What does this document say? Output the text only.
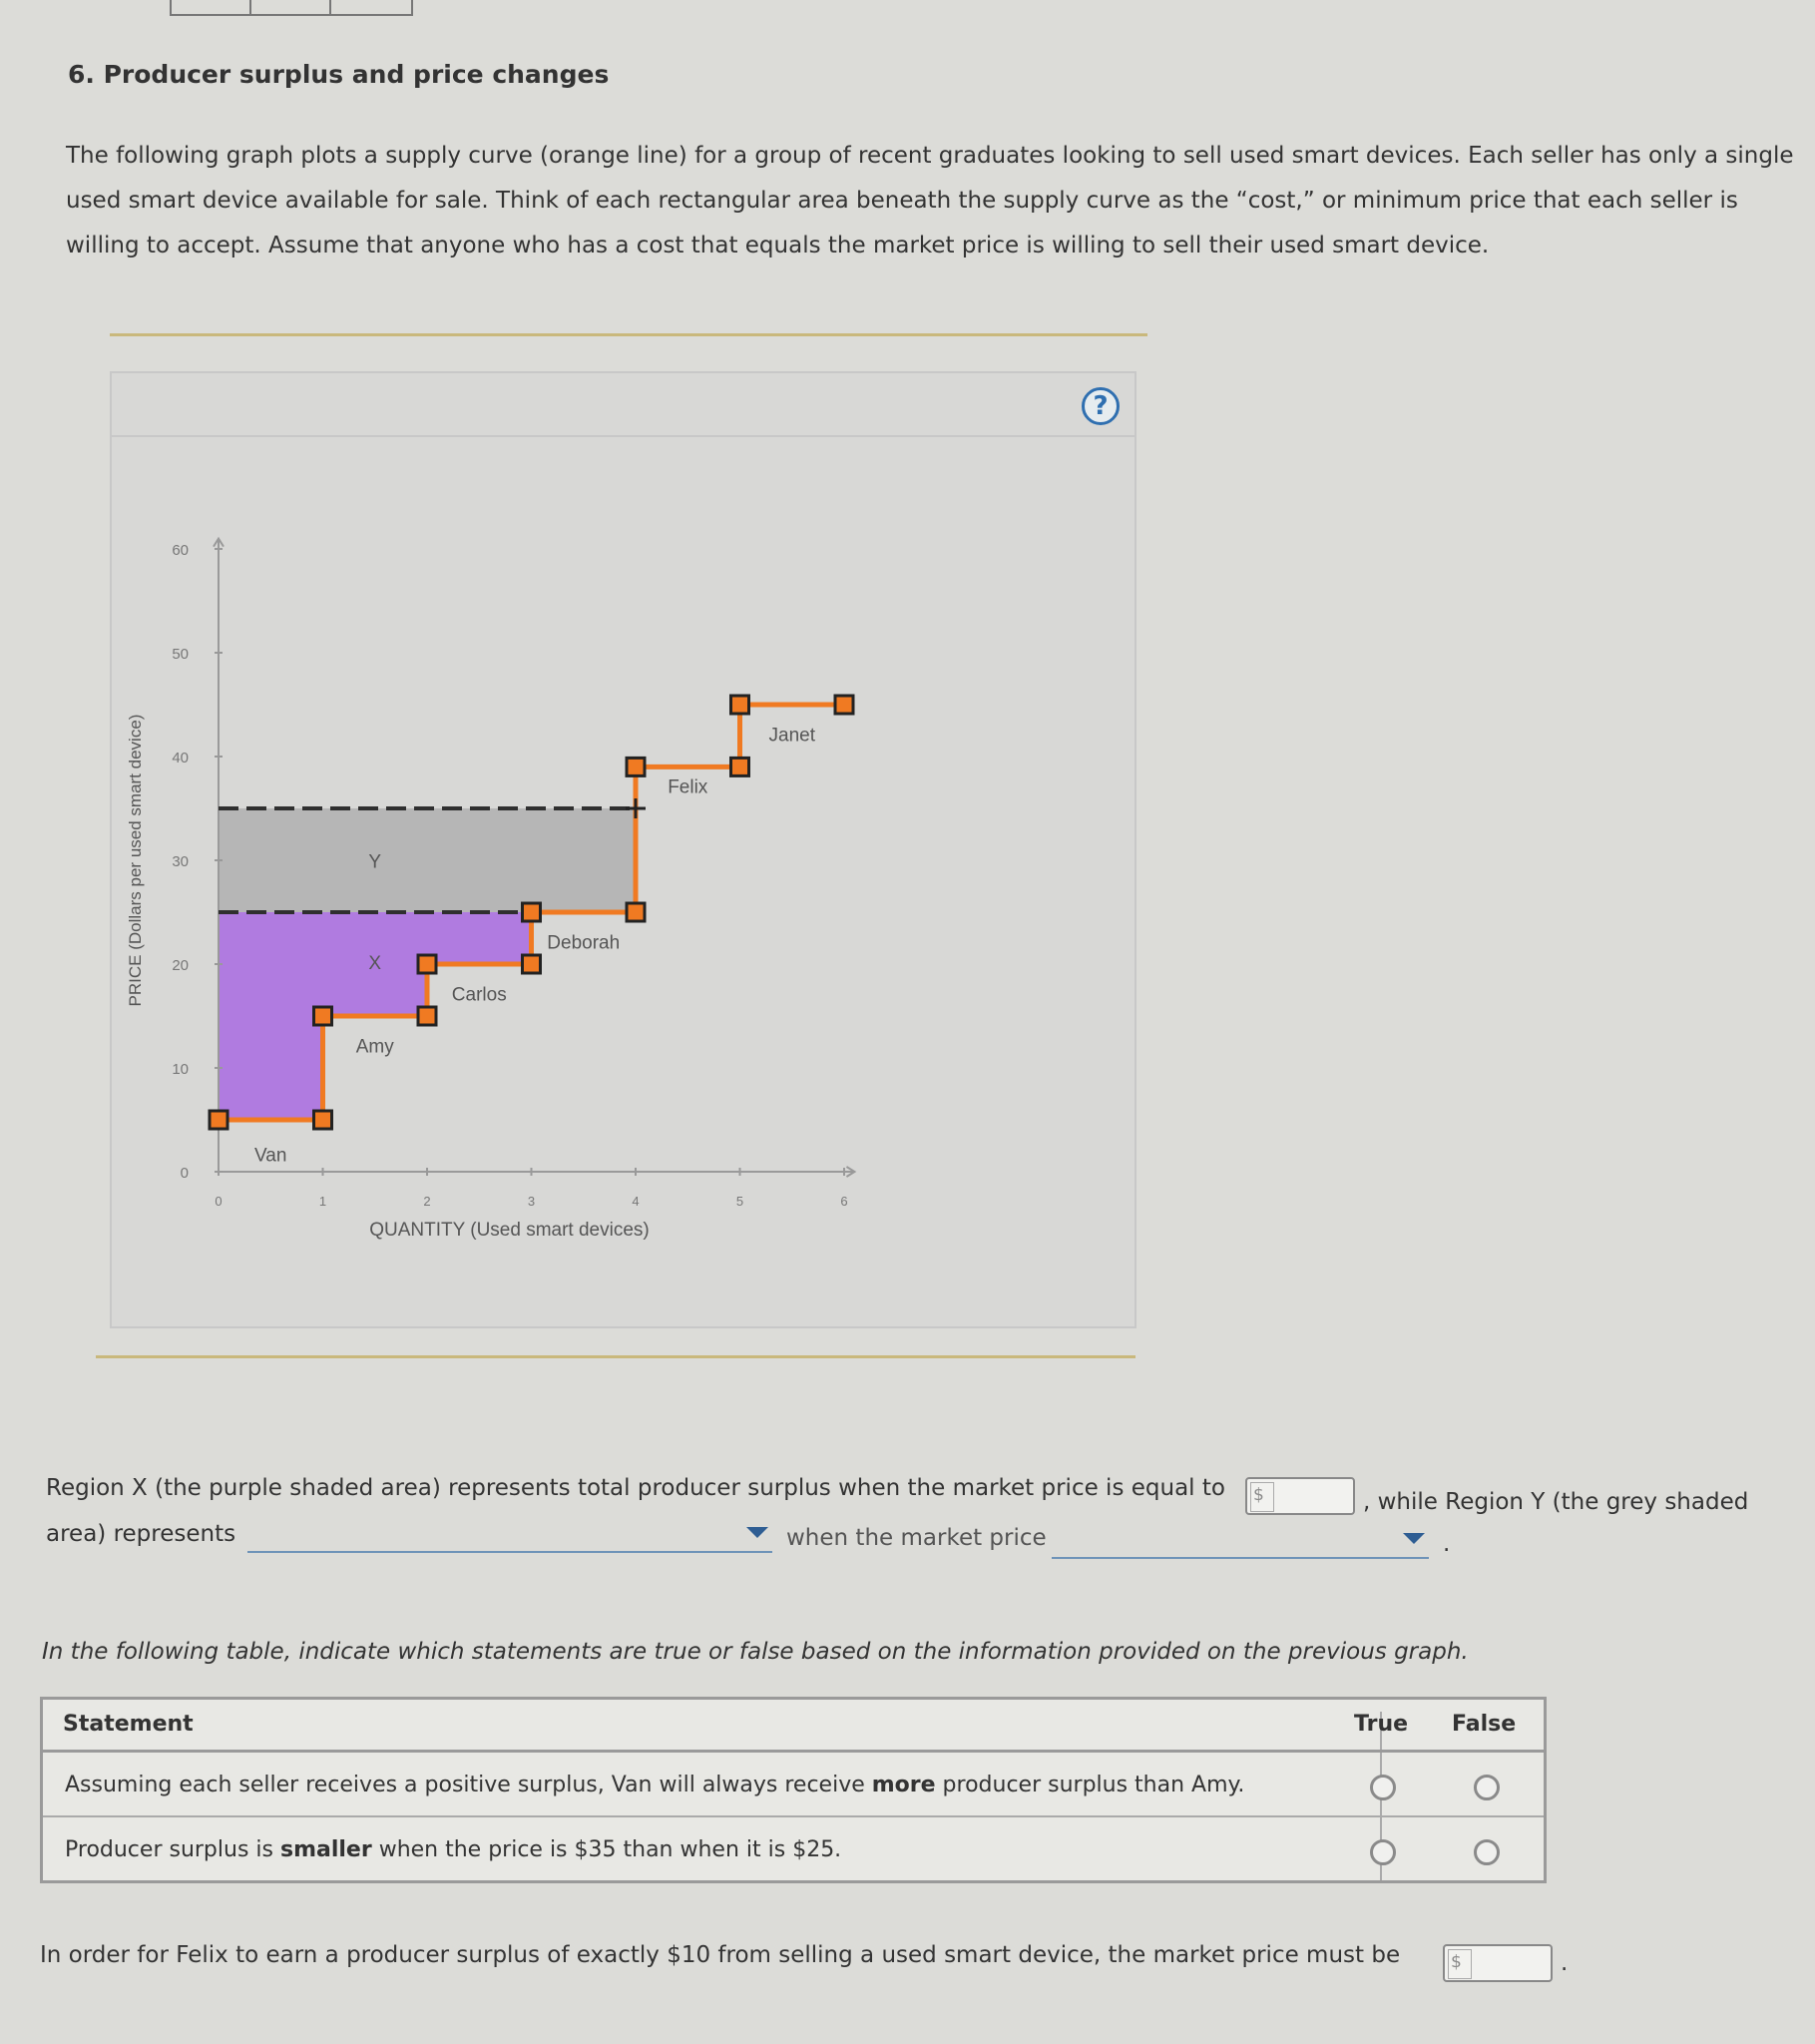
6. Producer surplus and price changes
The following graph plots a supply curve (orange line) for a group of recent graduates looking to sell used smart devices. Each seller has only a single used smart device available for sale. Think of each rectangular area beneath the supply curve as the “cost,” or minimum price that each seller is willing to accept. Assume that anyone who has a cost that equals the market price is willing to sell their used smart device.
?
0
10
20
30
40
50
60
0	1	2	3	4	5	6
QUANTITY (Used smart devices)
PRICE (Dollars per used smart device)
Van
Amy
Carlos
Deborah
Felix
Janet
X
Y
Region X (the purple shaded area) represents total producer surplus when the market price is equal to	$	, while Region Y (the grey shaded
area) represents	when the market price	.
In the following table, indicate which statements are true or false based on the information provided on the previous graph.
Statement	True False
Assuming each seller receives a positive surplus, Van will always receive more producer surplus than Amy.
Producer surplus is smaller when the price is $35 than when it is $25.
In order for Felix to earn a producer surplus of exactly $10 from selling a used smart device, the market price must be	$	.
